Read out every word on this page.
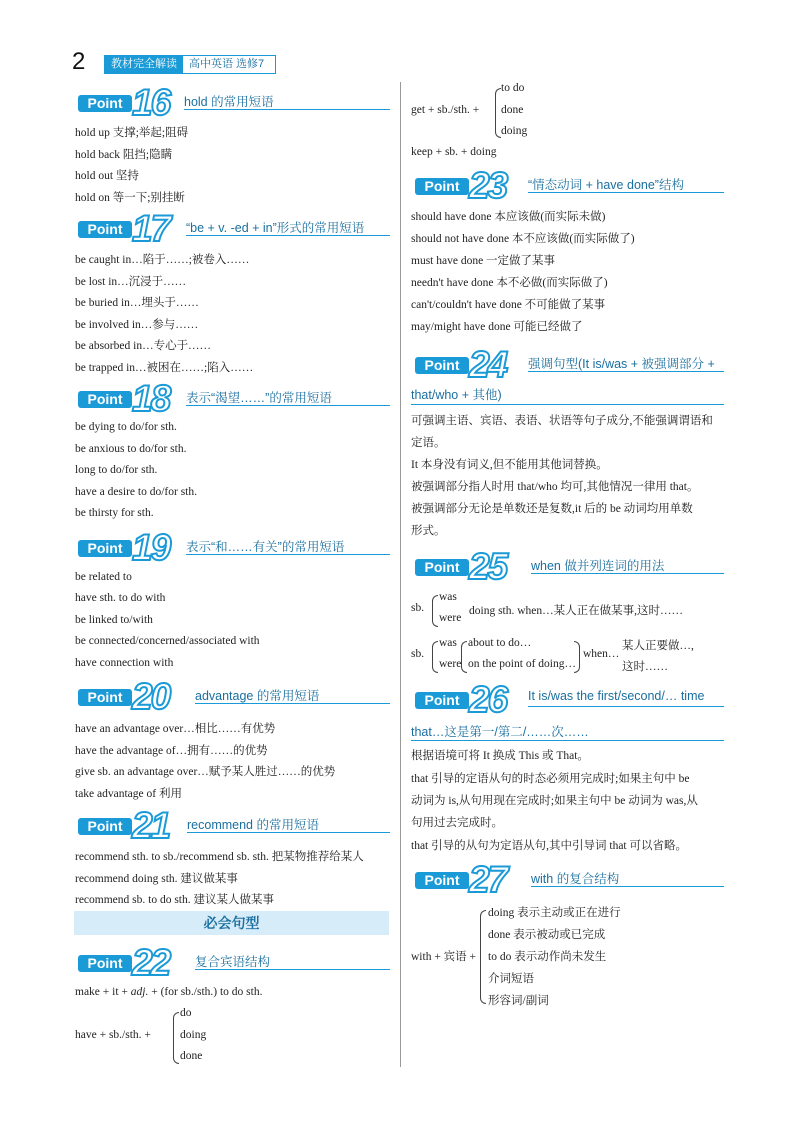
2	教材完全解读	高中英语 选修7
Point 16 hold 的常用短语
hold up 支撑;举起;阻碍
hold back 阻挡;隐瞒
hold out 坚持
hold on 等一下;别挂断
Point 17 “be + v. -ed + in”形式的常用短语
be caught in…陷于……;被卷入……
be lost in…沉浸于……
be buried in…埋头于……
be involved in…参与……
be absorbed in…专心于……
be trapped in…被困在……;陷入……
Point 18 表示“渴望……”的常用短语
be dying to do/for sth.
be anxious to do/for sth.
long to do/for sth.
have a desire to do/for sth.
be thirsty for sth.
Point 19 表示“和……有关”的常用短语
be related to
have sth. to do with
be linked to/with
be connected/concerned/associated with
have connection with
Point 20 advantage 的常用短语
have an advantage over…相比……有优势
have the advantage of…拥有……的优势
give sb. an advantage over…赋予某人胜过……的优势
take advantage of 利用
Point 21 recommend 的常用短语
recommend sth. to sb./recommend sb. sth. 把某物推荐给某人
recommend doing sth. 建议做某事
recommend sb. to do sth. 建议某人做某事
必会句型
Point 22 复合宾语结构
make + it + adj. + (for sb./sth.) to do sth.
have + sb./sth. +
do
doing
done
get + sb./sth. +
to do
done
doing
keep + sb. + doing
Point 23 “情态动词 + have done”结构
should have done 本应该做(而实际未做)
should not have done 本不应该做(而实际做了)
must have done 一定做了某事
needn't have done 本不必做(而实际做了)
can't/couldn't have done 不可能做了某事
may/might have done 可能已经做了
Point 24 强调句型(It is/was + 被强调部分 +
that/who + 其他)
可强调主语、宾语、表语、状语等句子成分,不能强调谓语和
定语。
It 本身没有词义,但不能用其他词替换。
被强调部分指人时用 that/who 均可,其他情况一律用 that。
被强调部分无论是单数还是复数,it 后的 be 动词均用单数
形式。
Point 25 when 做并列连词的用法
sb.
was
were
doing sth. when…某人正在做某事,这时……
sb.
was
were
about to do…
on the point of doing…
when…
某人正要做…,
这时……
Point 26 It is/was the first/second/… time
that…这是第一/第二/……次……
根据语境可将 It 换成 This 或 That。
that 引导的定语从句的时态必须用完成时;如果主句中 be
动词为 is,从句用现在完成时;如果主句中 be 动词为 was,从
句用过去完成时。
that 引导的从句为定语从句,其中引导词 that 可以省略。
Point 27 with 的复合结构
with + 宾语 +
doing 表示主动或正在进行
done 表示被动或已完成
to do 表示动作尚未发生
介词短语
形容词/副词
